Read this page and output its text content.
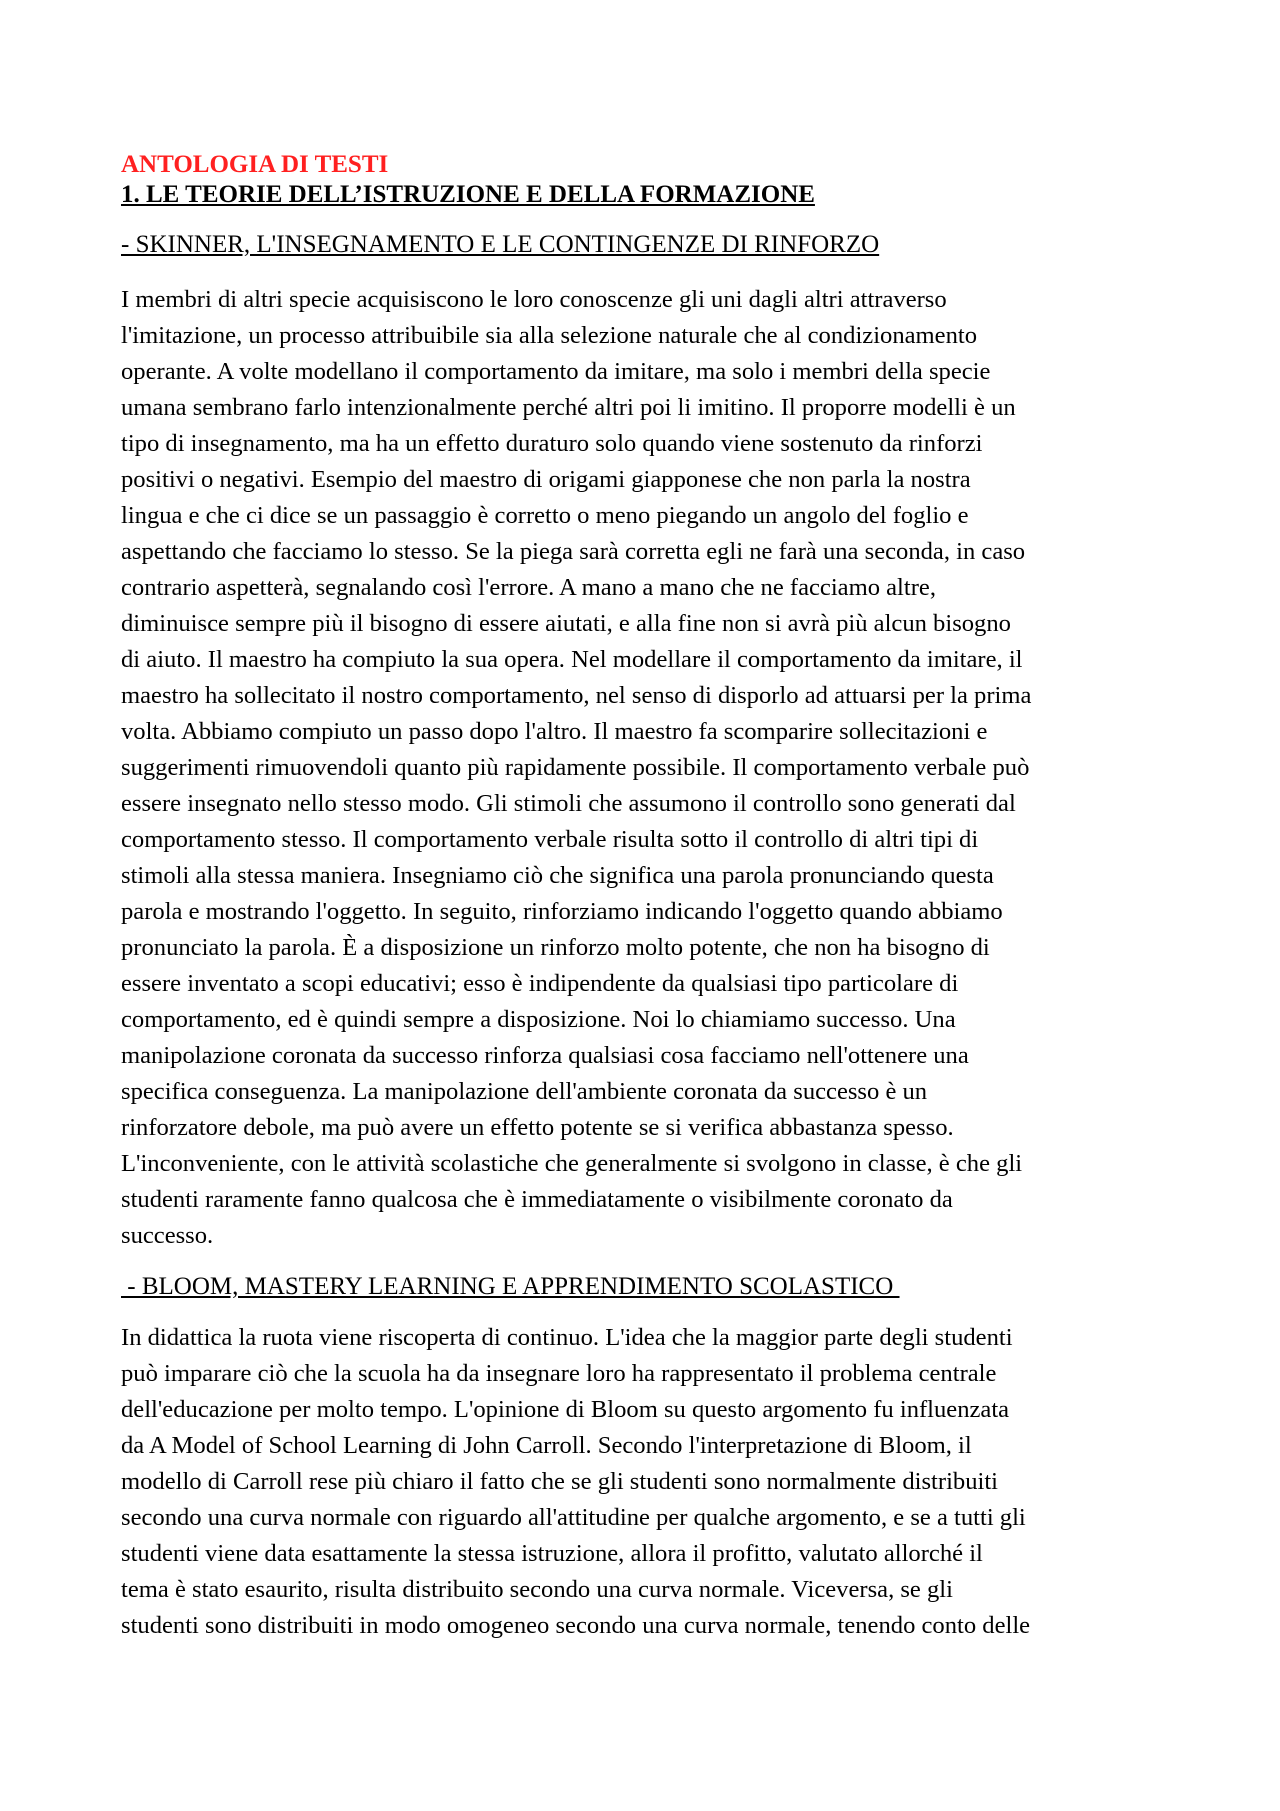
ANTOLOGIA DI TESTI

1. LE TEORIE DELL’ISTRUZIONE E DELLA FORMAZIONE

- SKINNER, L'INSEGNAMENTO E LE CONTINGENZE DI RINFORZO

I membri di altri specie acquisiscono le loro conoscenze gli uni dagli altri attraverso
l'imitazione, un processo attribuibile sia alla selezione naturale che al condizionamento
operante. A volte modellano il comportamento da imitare, ma solo i membri della specie
umana sembrano farlo intenzionalmente perché altri poi li imitino. Il proporre modelli è un
tipo di insegnamento, ma ha un effetto duraturo solo quando viene sostenuto da rinforzi
positivi o negativi. Esempio del maestro di origami giapponese che non parla la nostra
lingua e che ci dice se un passaggio è corretto o meno piegando un angolo del foglio e
aspettando che facciamo lo stesso. Se la piega sarà corretta egli ne farà una seconda, in caso
contrario aspetterà, segnalando così l'errore. A mano a mano che ne facciamo altre,
diminuisce sempre più il bisogno di essere aiutati, e alla fine non si avrà più alcun bisogno
di aiuto. Il maestro ha compiuto la sua opera. Nel modellare il comportamento da imitare, il
maestro ha sollecitato il nostro comportamento, nel senso di disporlo ad attuarsi per la prima
volta. Abbiamo compiuto un passo dopo l'altro. Il maestro fa scomparire sollecitazioni e
suggerimenti rimuovendoli quanto più rapidamente possibile. Il comportamento verbale può
essere insegnato nello stesso modo. Gli stimoli che assumono il controllo sono generati dal
comportamento stesso. Il comportamento verbale risulta sotto il controllo di altri tipi di
stimoli alla stessa maniera. Insegniamo ciò che significa una parola pronunciando questa
parola e mostrando l'oggetto. In seguito, rinforziamo indicando l'oggetto quando abbiamo
pronunciato la parola. È a disposizione un rinforzo molto potente, che non ha bisogno di
essere inventato a scopi educativi; esso è indipendente da qualsiasi tipo particolare di
comportamento, ed è quindi sempre a disposizione. Noi lo chiamiamo successo. Una
manipolazione coronata da successo rinforza qualsiasi cosa facciamo nell'ottenere una
specifica conseguenza. La manipolazione dell'ambiente coronata da successo è un
rinforzatore debole, ma può avere un effetto potente se si verifica abbastanza spesso.
L'inconveniente, con le attività scolastiche che generalmente si svolgono in classe, è che gli
studenti raramente fanno qualcosa che è immediatamente o visibilmente coronato da
successo.

- BLOOM, MASTERY LEARNING E APPRENDIMENTO SCOLASTICO

In didattica la ruota viene riscoperta di continuo. L'idea che la maggior parte degli studenti
può imparare ciò che la scuola ha da insegnare loro ha rappresentato il problema centrale
dell'educazione per molto tempo. L'opinione di Bloom su questo argomento fu influenzata
da A Model of School Learning di John Carroll. Secondo l'interpretazione di Bloom, il
modello di Carroll rese più chiaro il fatto che se gli studenti sono normalmente distribuiti
secondo una curva normale con riguardo all'attitudine per qualche argomento, e se a tutti gli
studenti viene data esattamente la stessa istruzione, allora il profitto, valutato allorché il
tema è stato esaurito, risulta distribuito secondo una curva normale. Viceversa, se gli
studenti sono distribuiti in modo omogeneo secondo una curva normale, tenendo conto delle
